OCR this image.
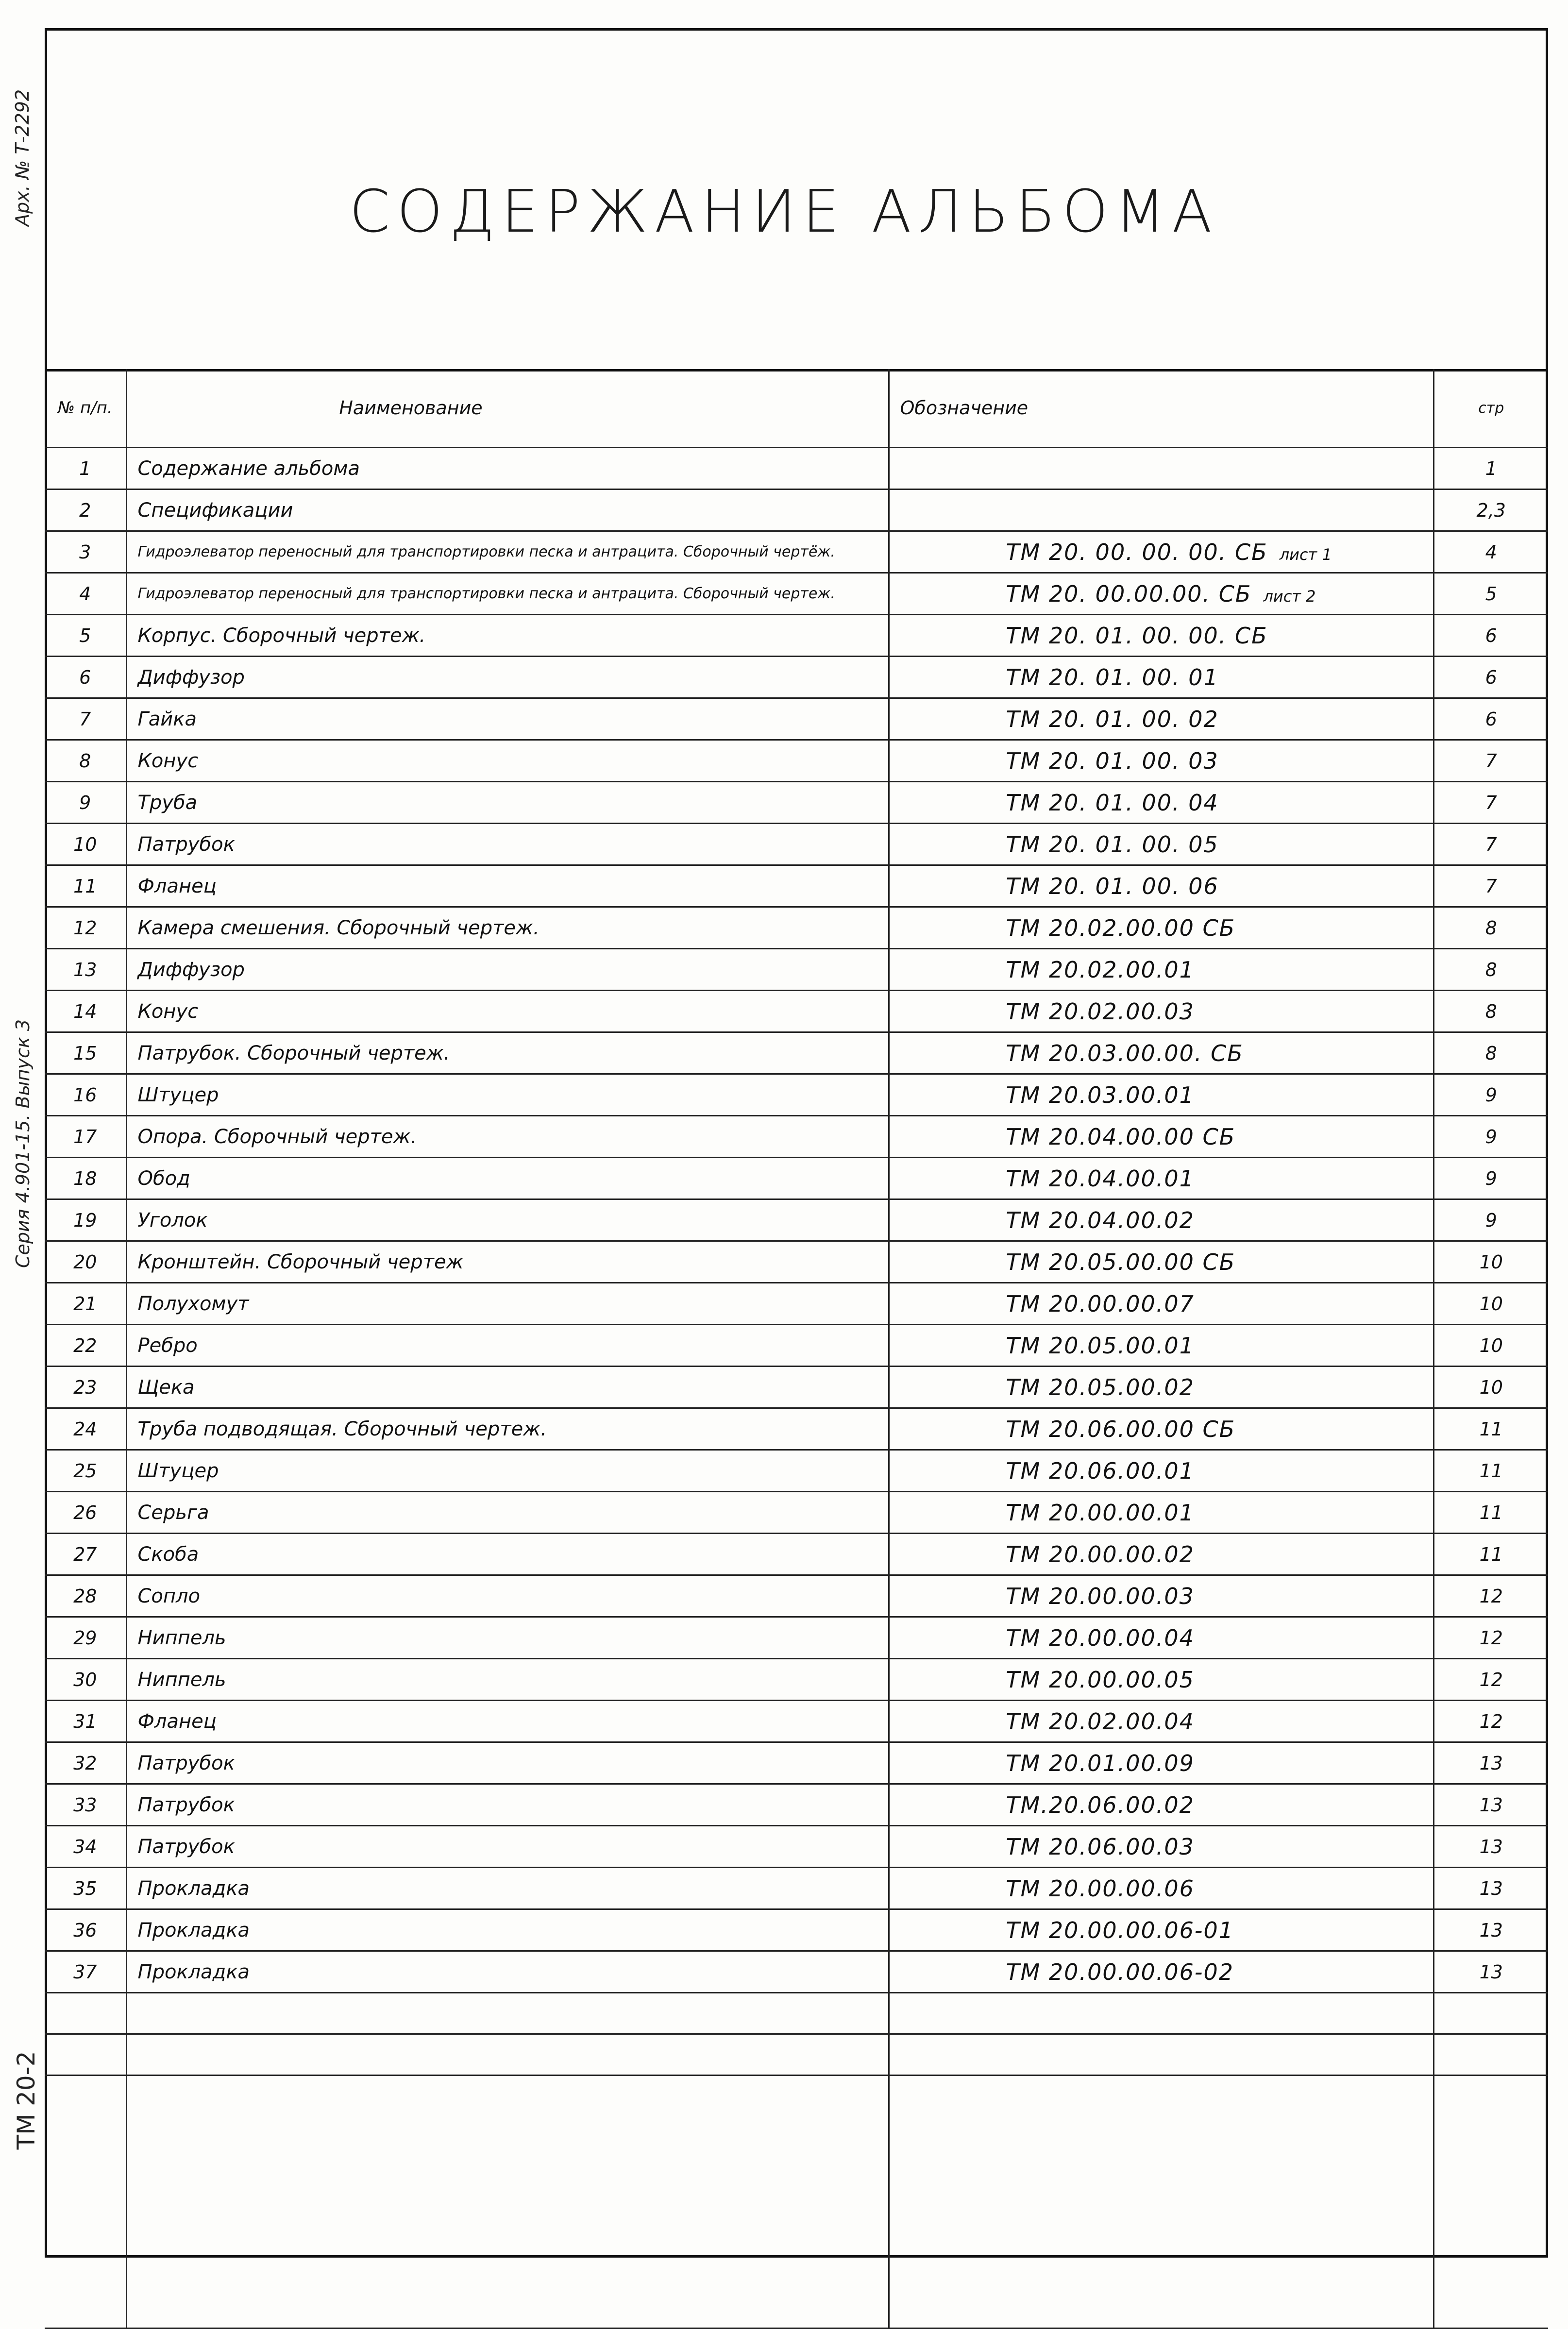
Арх. № Т-2292
Серия 4.901-15. Выпуск 3
ТМ 20-2
СОДЕРЖАНИЕ АЛЬБОМА
№ п/п.	Наименование	Обозначение	стр
1	Содержание альбома		1
2	Спецификации		2,3
3	Гидроэлеватор переносный для транспортировки песка и антрацита. Сборочный чертёж.	ТМ 20. 00. 00. 00. СБ лист 1	4
4	Гидроэлеватор переносный для транспортировки песка и антрацита. Сборочный чертеж.	ТМ 20. 00.00.00. СБ лист 2	5
5	Корпус. Сборочный чертеж.	ТМ 20. 01. 00. 00. СБ	6
6	Диффузор	ТМ 20. 01. 00. 01	6
7	Гайка	ТМ 20. 01. 00. 02	6
8	Конус	ТМ 20. 01. 00. 03	7
9	Труба	ТМ 20. 01. 00. 04	7
10	Патрубок	ТМ 20. 01. 00. 05	7
11	Фланец	ТМ 20. 01. 00. 06	7
12	Камера смешения. Сборочный чертеж.	ТМ 20.02.00.00 СБ	8
13	Диффузор	ТМ 20.02.00.01	8
14	Конус	ТМ 20.02.00.03	8
15	Патрубок. Сборочный чертеж.	ТМ 20.03.00.00. СБ	8
16	Штуцер	ТМ 20.03.00.01	9
17	Опора. Сборочный чертеж.	ТМ 20.04.00.00 СБ	9
18	Обод	ТМ 20.04.00.01	9
19	Уголок	ТМ 20.04.00.02	9
20	Кронштейн. Сборочный чертеж	ТМ 20.05.00.00 СБ	10
21	Полухомут	ТМ 20.00.00.07	10
22	Ребро	ТМ 20.05.00.01	10
23	Щека	ТМ 20.05.00.02	10
24	Труба подводящая. Сборочный чертеж.	ТМ 20.06.00.00 СБ	11
25	Штуцер	ТМ 20.06.00.01	11
26	Серьга	ТМ 20.00.00.01	11
27	Скоба	ТМ 20.00.00.02	11
28	Сопло	ТМ 20.00.00.03	12
29	Ниппель	ТМ 20.00.00.04	12
30	Ниппель	ТМ 20.00.00.05	12
31	Фланец	ТМ 20.02.00.04	12
32	Патрубок	ТМ 20.01.00.09	13
33	Патрубок	ТМ.20.06.00.02	13
34	Патрубок	ТМ 20.06.00.03	13
35	Прокладка	ТМ 20.00.00.06	13
36	Прокладка	ТМ 20.00.00.06-01	13
37	Прокладка	ТМ 20.00.00.06-02	13
